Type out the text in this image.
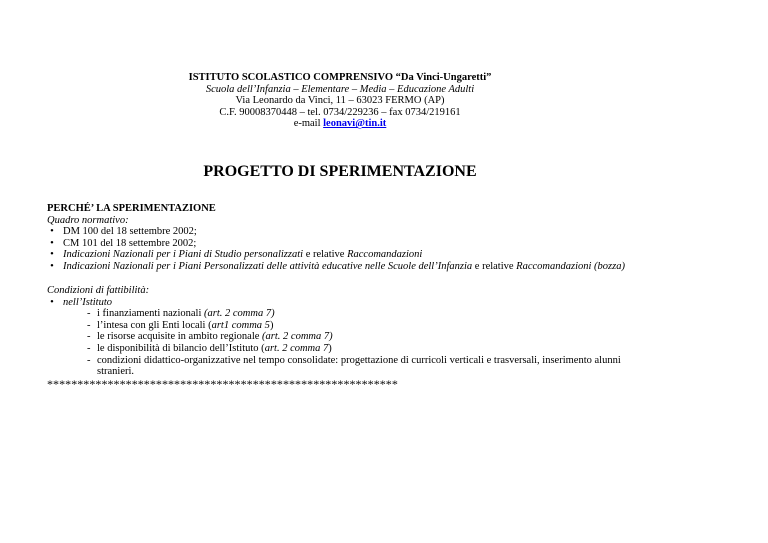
ISTITUTO SCOLASTICO COMPRENSIVO “Da Vinci-Ungaretti”
Scuola dell’Infanzia – Elementare – Media – Educazione Adulti
Via Leonardo da Vinci, 11 – 63023 FERMO (AP)
C.F. 90008370448 – tel. 0734/229236 – fax 0734/219161
e-mail leonavi@tin.it
PROGETTO DI SPERIMENTAZIONE
PERCHÉ’ LA SPERIMENTAZIONE
Quadro normativo:
• DM 100 del 18 settembre 2002;
• CM 101 del 18 settembre 2002;
• Indicazioni Nazionali per i Piani di Studio personalizzati e relative Raccomandazioni
• Indicazioni Nazionali per i Piani Personalizzati delle attività educative nelle Scuole dell’Infanzia e relative Raccomandazioni (bozza)
Condizioni di fattibilità:
• nell’Istituto
- i finanziamenti nazionali (art. 2 comma 7)
- l’intesa con gli Enti locali (art1 comma 5)
- le risorse acquisite in ambito regionale (art. 2 comma 7)
- le disponibilità di bilancio dell’Istituto (art. 2 comma 7)
- condizioni didattico-organizzative nel tempo consolidate: progettazione di curricoli verticali e trasversali, inserimento alunni
stranieri.
**********************************************************
